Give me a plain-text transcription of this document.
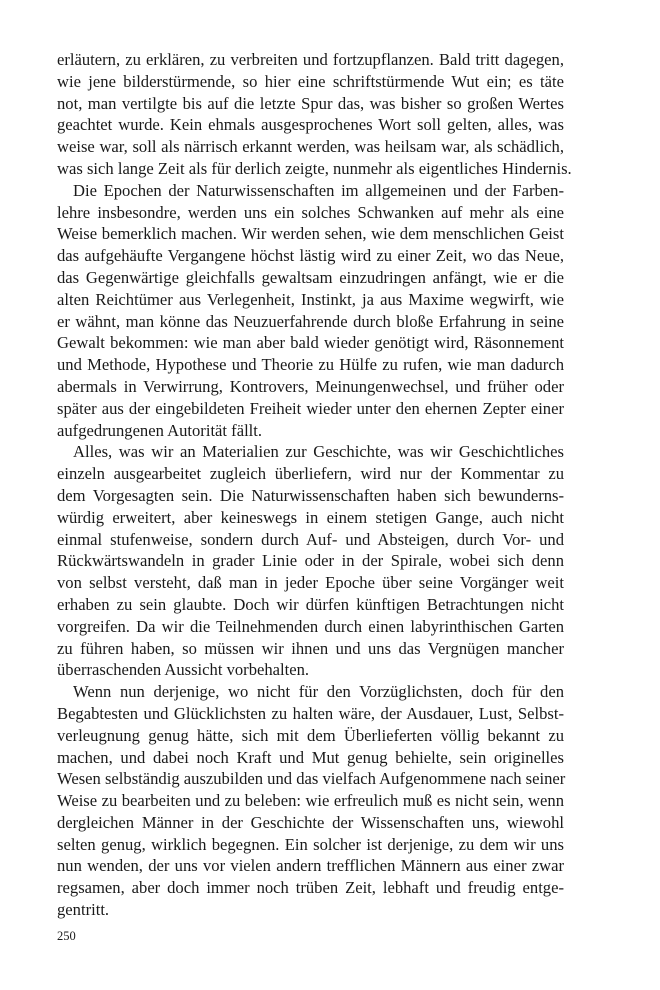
erläutern, zu erklären, zu verbreiten und fortzupflanzen. Bald tritt dagegen,
wie jene bilderstürmende, so hier eine schriftstürmende Wut ein; es täte
not, man vertilgte bis auf die letzte Spur das, was bisher so großen Wertes
geachtet wurde. Kein ehmals ausgesprochenes Wort soll gelten, alles, was
weise war, soll als närrisch erkannt werden, was heilsam war, als schädlich,
was sich lange Zeit als für derlich zeigte, nunmehr als eigentliches Hindernis.

Die Epochen der Naturwissenschaften im allgemeinen und der Farben-
lehre insbesondre, werden uns ein solches Schwanken auf mehr als eine
Weise bemerklich machen. Wir werden sehen, wie dem menschlichen Geist
das aufgehäufte Vergangene höchst lästig wird zu einer Zeit, wo das Neue,
das Gegenwärtige gleichfalls gewaltsam einzudringen anfängt, wie er die
alten Reichtümer aus Verlegenheit, Instinkt, ja aus Maxime wegwirft, wie
er wähnt, man könne das Neuzuerfahrende durch bloße Erfahrung in seine
Gewalt bekommen: wie man aber bald wieder genötigt wird, Räsonnement
und Methode, Hypothese und Theorie zu Hülfe zu rufen, wie man dadurch
abermals in Verwirrung, Kontrovers, Meinungenwechsel, und früher oder
später aus der eingebildeten Freiheit wieder unter den ehernen Zepter einer
aufgedrungenen Autorität fällt.

Alles, was wir an Materialien zur Geschichte, was wir Geschichtliches
einzeln ausgearbeitet zugleich überliefern, wird nur der Kommentar zu
dem Vorgesagten sein. Die Naturwissenschaften haben sich bewunderns-
würdig erweitert, aber keineswegs in einem stetigen Gange, auch nicht
einmal stufenweise, sondern durch Auf- und Absteigen, durch Vor- und
Rückwärtswandeln in grader Linie oder in der Spirale, wobei sich denn
von selbst versteht, daß man in jeder Epoche über seine Vorgänger weit
erhaben zu sein glaubte. Doch wir dürfen künftigen Betrachtungen nicht
vorgreifen. Da wir die Teilnehmenden durch einen labyrinthischen Garten
zu führen haben, so müssen wir ihnen und uns das Vergnügen mancher
überraschenden Aussicht vorbehalten.

Wenn nun derjenige, wo nicht für den Vorzüglichsten, doch für den
Begabtesten und Glücklichsten zu halten wäre, der Ausdauer, Lust, Selbst-
verleugnung genug hätte, sich mit dem Überlieferten völlig bekannt zu
machen, und dabei noch Kraft und Mut genug behielte, sein originelles
Wesen selbständig auszubilden und das vielfach Aufgenommene nach seiner
Weise zu bearbeiten und zu beleben: wie erfreulich muß es nicht sein, wenn
dergleichen Männer in der Geschichte der Wissenschaften uns, wiewohl
selten genug, wirklich begegnen. Ein solcher ist derjenige, zu dem wir uns
nun wenden, der uns vor vielen andern trefflichen Männern aus einer zwar
regsamen, aber doch immer noch trüben Zeit, lebhaft und freudig entge-
gentritt.

250
